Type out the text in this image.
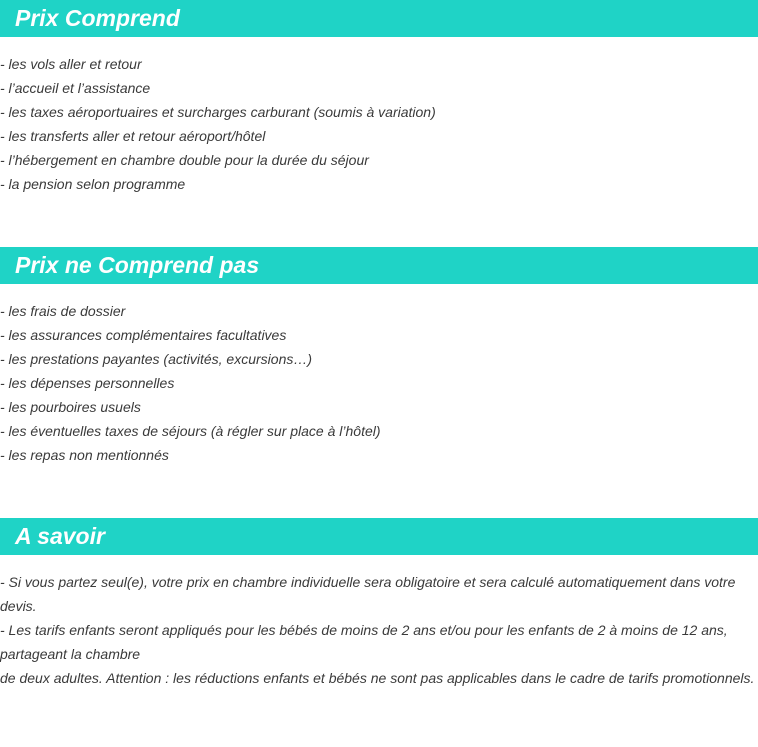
Prix Comprend
- les vols aller et retour
- l’accueil et l’assistance
- les taxes aéroportuaires et surcharges carburant (soumis à variation)
- les transferts aller et retour aéroport/hôtel
- l’hébergement en chambre double pour la durée du séjour
- la pension selon programme
Prix ne Comprend pas
- les frais de dossier
- les assurances complémentaires facultatives
- les prestations payantes (activités, excursions…)
- les dépenses personnelles
- les pourboires usuels
- les éventuelles taxes de séjours (à régler sur place à l’hôtel)
- les repas non mentionnés
A savoir
- Si vous partez seul(e), votre prix en chambre individuelle sera obligatoire et sera calculé automatiquement dans votre devis.
- Les tarifs enfants seront appliqués pour les bébés de moins de 2 ans et/ou pour les enfants de 2 à moins de 12 ans, partageant la chambre
de deux adultes. Attention : les réductions enfants et bébés ne sont pas applicables dans le cadre de tarifs promotionnels.
